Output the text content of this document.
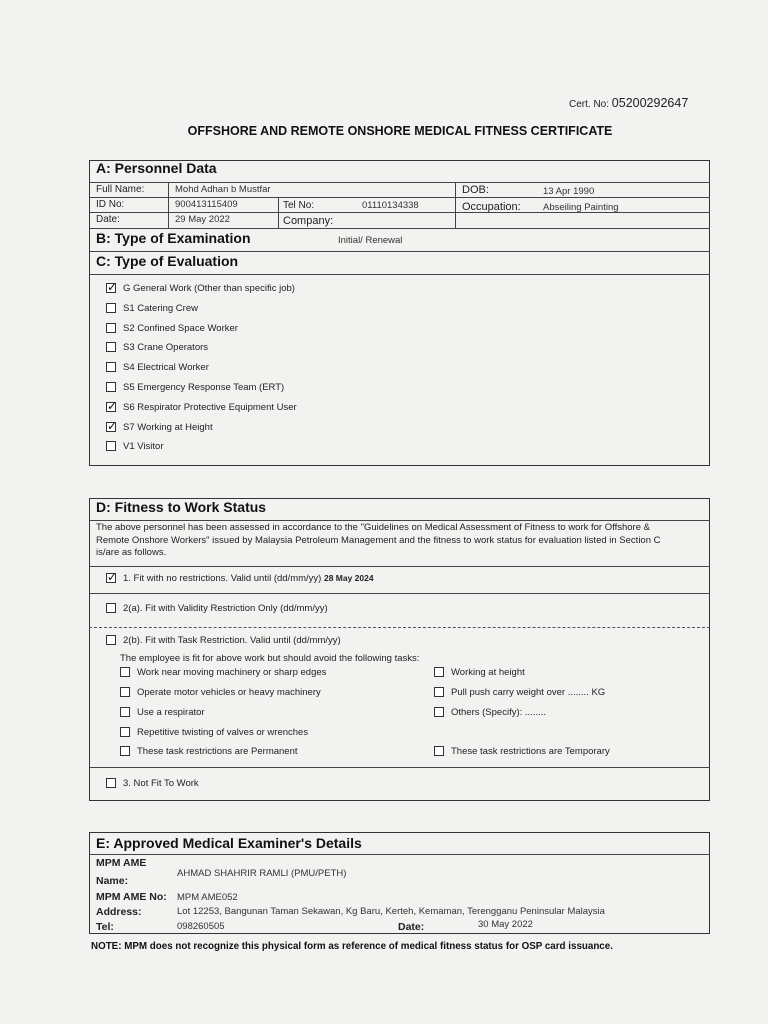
Cert. No: 05200292647
OFFSHORE AND REMOTE ONSHORE MEDICAL FITNESS CERTIFICATE
A: Personnel Data
Full Name:	Mohd Adhan b Mustfar	DOB:	13 Apr 1990
ID No:	900413115409	Tel No:	01110134338	Occupation: Abseiling Painting
Date:	29 May 2022	Company:
B: Type of Examination	Initial/ Renewal
C: Type of Evaluation
✓
G General Work (Other than specific job)
S1 Catering Crew
S2 Confined Space Worker
S3 Crane Operators
S4 Electrical Worker
S5 Emergency Response Team (ERT)
✓
S6 Respirator Protective Equipment User
✓
S7 Working at Height
V1 Visitor
D: Fitness to Work Status
The above personnel has been assessed in accordance to the "Guidelines on Medical Assessment of Fitness to work for Offshore &
Remote Onshore Workers" issued by Malaysia Petroleum Management and the fitness to work status for evaluation listed in Section C
is/are as follows.
✓
1. Fit with no restrictions. Valid until (dd/mm/yy) 28 May 2024
2(a). Fit with Validity Restriction Only (dd/mm/yy)
2(b). Fit with Task Restriction. Valid until (dd/mm/yy)
The employee is fit for above work but should avoid the following tasks:
Work near moving machinery or sharp edges
Operate motor vehicles or heavy machinery
Use a respirator
Repetitive twisting of valves or wrenches
These task restrictions are Permanent
Working at height
Pull push carry weight over ........ KG
Others (Specify): ........
These task restrictions are Temporary
3. Not Fit To Work
E: Approved Medical Examiner's Details
MPM AME
Name:
AHMAD SHAHRIR RAMLI (PMU/PETH)
MPM AME No: MPM AME052
Address:	Lot 12253, Bangunan Taman Sekawan, Kg Baru, Kerteh, Kemaman, Terengganu Peninsular Malaysia
Tel:	098260505	Date:	30 May 2022
NOTE: MPM does not recognize this physical form as reference of medical fitness status for OSP card issuance.
